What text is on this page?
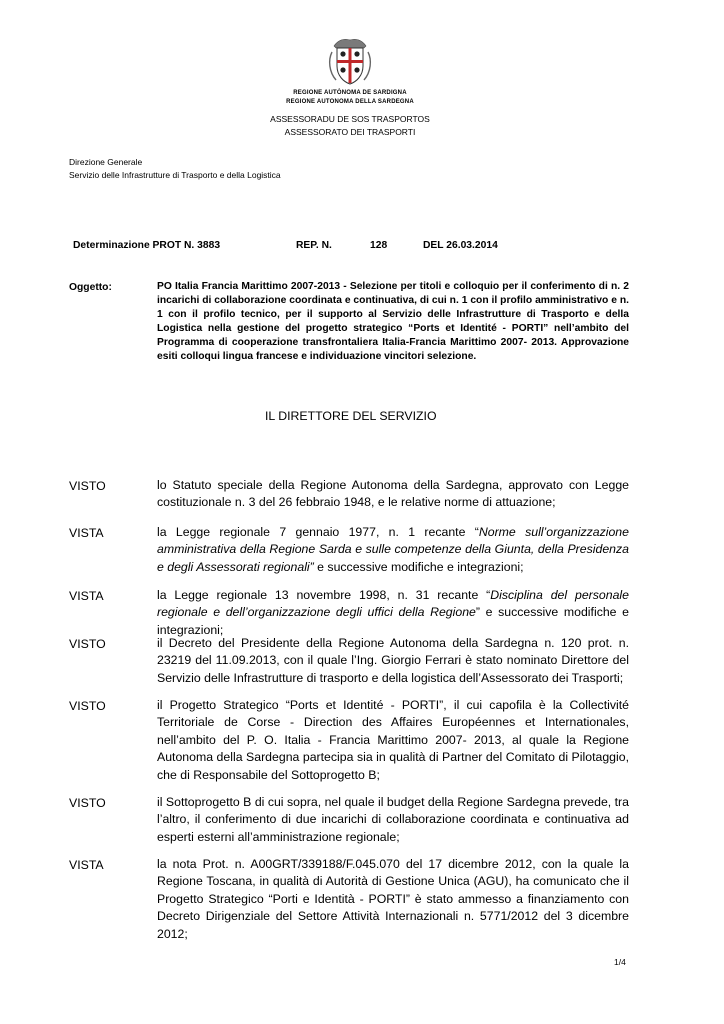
REGIONE AUTÒNOMA DE SARDIGNA
REGIONE AUTONOMA DELLA SARDEGNA
ASSESSORADU DE SOS TRASPORTOS
ASSESSORATO DEI TRASPORTI
Direzione Generale
Servizio delle Infrastrutture di Trasporto e della Logistica
Determinazione PROT N. 3883	REP. N.	128	DEL 26.03.2014
Oggetto:	PO Italia Francia Marittimo 2007-2013 - Selezione per titoli e colloquio per il conferimento di n. 2 incarichi di collaborazione coordinata e continuativa, di cui n. 1 con il profilo amministrativo e n. 1 con il profilo tecnico, per il supporto al Servizio delle Infrastrutture di Trasporto e della Logistica nella gestione del progetto strategico “Ports et Identité - PORTI” nell’ambito del Programma di cooperazione transfrontaliera Italia-Francia Marittimo 2007- 2013. Approvazione esiti colloqui lingua francese e individuazione vincitori selezione.

IL DIRETTORE DEL SERVIZIO
VISTO	lo Statuto speciale della Regione Autonoma della Sardegna, approvato con Legge costituzionale n. 3 del 26 febbraio 1948, e le relative norme di attuazione;

VISTA	la Legge regionale 7 gennaio 1977, n. 1 recante “Norme sull’organizzazione amministrativa della Regione Sarda e sulle competenze della Giunta, della Presidenza e degli Assessorati regionali” e successive modifiche e integrazioni;

VISTA	la Legge regionale 13 novembre 1998, n. 31 recante “Disciplina del personale regionale e dell’organizzazione degli uffici della Regione” e successive modifiche e integrazioni;

VISTO	il Decreto del Presidente della Regione Autonoma della Sardegna n. 120 prot. n. 23219 del 11.09.2013, con il quale l’Ing. Giorgio Ferrari è stato nominato Direttore del Servizio delle Infrastrutture di trasporto e della logistica dell’Assessorato dei Trasporti;

VISTO	il Progetto Strategico “Ports et Identité - PORTI”, il cui capofila è la Collectivité Territoriale de Corse - Direction des Affaires Européennes et Internationales, nell’ambito del P. O. Italia - Francia Marittimo 2007- 2013, al quale la Regione Autonoma della Sardegna partecipa sia in qualità di Partner del Comitato di Pilotaggio, che di Responsabile del Sottoprogetto B;

VISTO	il Sottoprogetto B di cui sopra, nel quale il budget della Regione Sardegna prevede, tra l’altro, il conferimento di due incarichi di collaborazione coordinata e continuativa ad esperti esterni all’amministrazione regionale;

VISTA	la nota Prot. n. A00GRT/339188/F.045.070 del 17 dicembre 2012, con la quale la Regione Toscana, in qualità di Autorità di Gestione Unica (AGU), ha comunicato che il Progetto Strategico “Porti e Identità - PORTI” è stato ammesso a finanziamento con Decreto Dirigenziale del Settore Attività Internazionali n. 5771/2012 del 3 dicembre 2012;

1/4
